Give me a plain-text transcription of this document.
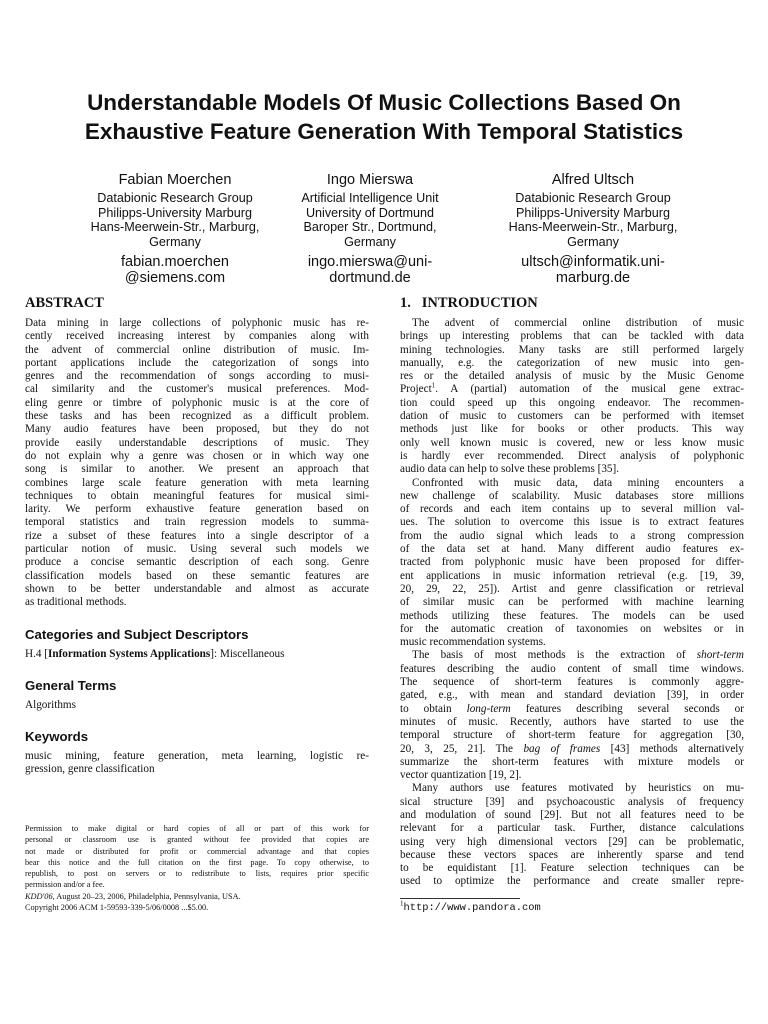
Understandable Models Of Music Collections Based On
Exhaustive Feature Generation With Temporal Statistics
Fabian Moerchen
Databionic Research Group
Philipps-University Marburg
Hans-Meerwein-Str., Marburg,
Germany
fabian.moerchen
@siemens.com
Ingo Mierswa
Artificial Intelligence Unit
University of Dortmund
Baroper Str., Dortmund,
Germany
ingo.mierswa@uni-
dortmund.de
Alfred Ultsch
Databionic Research Group
Philipps-University Marburg
Hans-Meerwein-Str., Marburg,
Germany
ultsch@informatik.uni-
marburg.de
ABSTRACT
Data mining in large collections of polyphonic music has re-
cently received increasing interest by companies along with
the advent of commercial online distribution of music. Im-
portant applications include the categorization of songs into
genres and the recommendation of songs according to musi-
cal similarity and the customer's musical preferences. Mod-
eling genre or timbre of polyphonic music is at the core of
these tasks and has been recognized as a difficult problem.
Many audio features have been proposed, but they do not
provide easily understandable descriptions of music. They
do not explain why a genre was chosen or in which way one
song is similar to another. We present an approach that
combines large scale feature generation with meta learning
techniques to obtain meaningful features for musical simi-
larity. We perform exhaustive feature generation based on
temporal statistics and train regression models to summa-
rize a subset of these features into a single descriptor of a
particular notion of music. Using several such models we
produce a concise semantic description of each song. Genre
classification models based on these semantic features are
shown to be better understandable and almost as accurate
as traditional methods.
Categories and Subject Descriptors
H.4 [Information Systems Applications]: Miscellaneous
General Terms
Algorithms
Keywords
music mining, feature generation, meta learning, logistic re-
gression, genre classification
Permission to make digital or hard copies of all or part of this work for
personal or classroom use is granted without fee provided that copies are
not made or distributed for profit or commercial advantage and that copies
bear this notice and the full citation on the first page. To copy otherwise, to
republish, to post on servers or to redistribute to lists, requires prior specific
permission and/or a fee.
KDD'06, August 20–23, 2006, Philadelphia, Pennsylvania, USA.
Copyright 2006 ACM 1-59593-339-5/06/0008 ...$5.00.
1.   INTRODUCTION
The advent of commercial online distribution of music
brings up interesting problems that can be tackled with data
mining technologies. Many tasks are still performed largely
manually, e.g. the categorization of new music into gen-
res or the detailed analysis of music by the Music Genome
Project$^1$. A (partial) automation of the musical gene extrac-
tion could speed up this ongoing endeavor. The recommen-
dation of music to customers can be performed with itemset
methods just like for books or other products. This way
only well known music is covered, new or less know music
is hardly ever recommended. Direct analysis of polyphonic
audio data can help to solve these problems [35].
Confronted with music data, data mining encounters a
new challenge of scalability. Music databases store millions
of records and each item contains up to several million val-
ues. The solution to overcome this issue is to extract features
from the audio signal which leads to a strong compression
of the data set at hand. Many different audio features ex-
tracted from polyphonic music have been proposed for differ-
ent applications in music information retrieval (e.g. [19, 39,
20, 29, 22, 25]). Artist and genre classification or retrieval
of similar music can be performed with machine learning
methods utilizing these features. The models can be used
for the automatic creation of taxonomies on websites or in
music recommendation systems.
The basis of most methods is the extraction of short-term
features describing the audio content of small time windows.
The sequence of short-term features is commonly aggre-
gated, e.g., with mean and standard deviation [39], in order
to obtain long-term features describing several seconds or
minutes of music. Recently, authors have started to use the
temporal structure of short-term feature for aggregation [30,
20, 3, 25, 21]. The bag of frames [43] methods alternatively
summarize the short-term features with mixture models or
vector quantization [19, 2].
Many authors use features motivated by heuristics on mu-
sical structure [39] and psychoacoustic analysis of frequency
and modulation of sound [29]. But not all features need to be
relevant for a particular task. Further, distance calculations
using very high dimensional vectors [29] can be problematic,
because these vectors spaces are inherently sparse and tend
to be equidistant [1]. Feature selection techniques can be
used to optimize the performance and create smaller repre-
$^1$http://www.pandora.com
